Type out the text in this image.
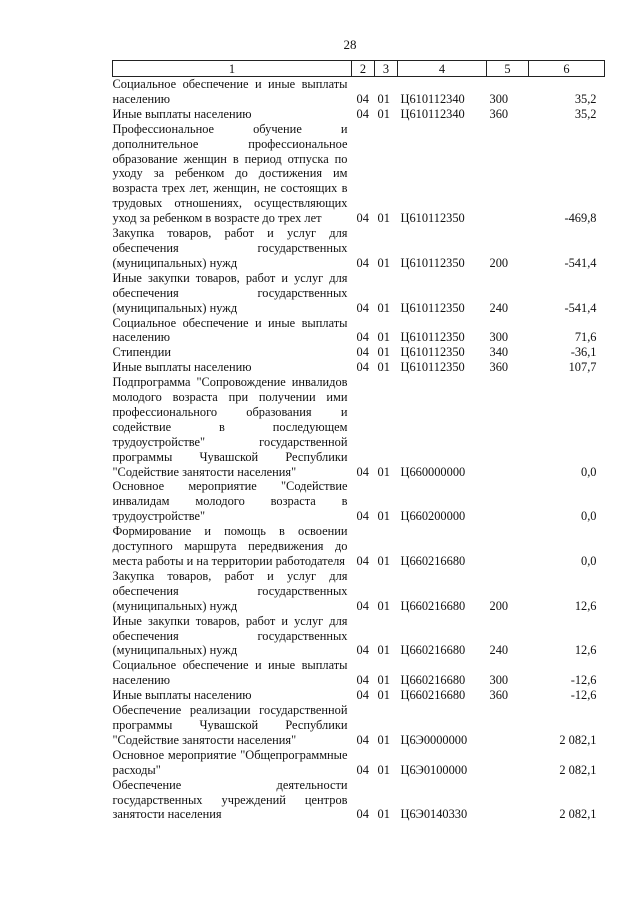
28
1	2	3	4	5	6
Социальное обеспечение и иные выплаты населению	04	01	Ц610112340	300	35,2
Иные выплаты населению	04	01	Ц610112340	360	35,2
Профессиональное обучение и дополнительное профессиональное образование женщин в период отпуска по уходу за ребенком до достижения им возраста трех лет, женщин, не состоящих в трудовых отношениях, осуществляющих уход за ребенком в возрасте до трех лет	04	01	Ц610112350		-469,8
Закупка товаров, работ и услуг для обеспечения государственных (муниципальных) нужд	04	01	Ц610112350	200	-541,4
Иные закупки товаров, работ и услуг для обеспечения государственных (муниципальных) нужд	04	01	Ц610112350	240	-541,4
Социальное обеспечение и иные выплаты населению	04	01	Ц610112350	300	71,6
Стипендии	04	01	Ц610112350	340	-36,1
Иные выплаты населению	04	01	Ц610112350	360	107,7
Подпрограмма "Сопровождение инвалидов молодого возраста при получении ими профессионального образования и содействие в последующем трудоустройстве" государственной программы Чувашской Республики "Содействие занятости населения"	04	01	Ц660000000		0,0
Основное мероприятие "Содействие инвалидам молодого возраста в трудоустройстве"	04	01	Ц660200000		0,0
Формирование и помощь в освоении доступного маршрута передвижения до места работы и на территории работодателя	04	01	Ц660216680		0,0
Закупка товаров, работ и услуг для обеспечения государственных (муниципальных) нужд	04	01	Ц660216680	200	12,6
Иные закупки товаров, работ и услуг для обеспечения государственных (муниципальных) нужд	04	01	Ц660216680	240	12,6
Социальное обеспечение и иные выплаты населению	04	01	Ц660216680	300	-12,6
Иные выплаты населению	04	01	Ц660216680	360	-12,6
Обеспечение реализации государственной программы Чувашской Республики "Содействие занятости населения"	04	01	Ц6Э0000000		2 082,1
Основное мероприятие "Общепрограммные расходы"	04	01	Ц6Э0100000		2 082,1
Обеспечение деятельности государственных учреждений центров занятости населения	04	01	Ц6Э0140330		2 082,1
